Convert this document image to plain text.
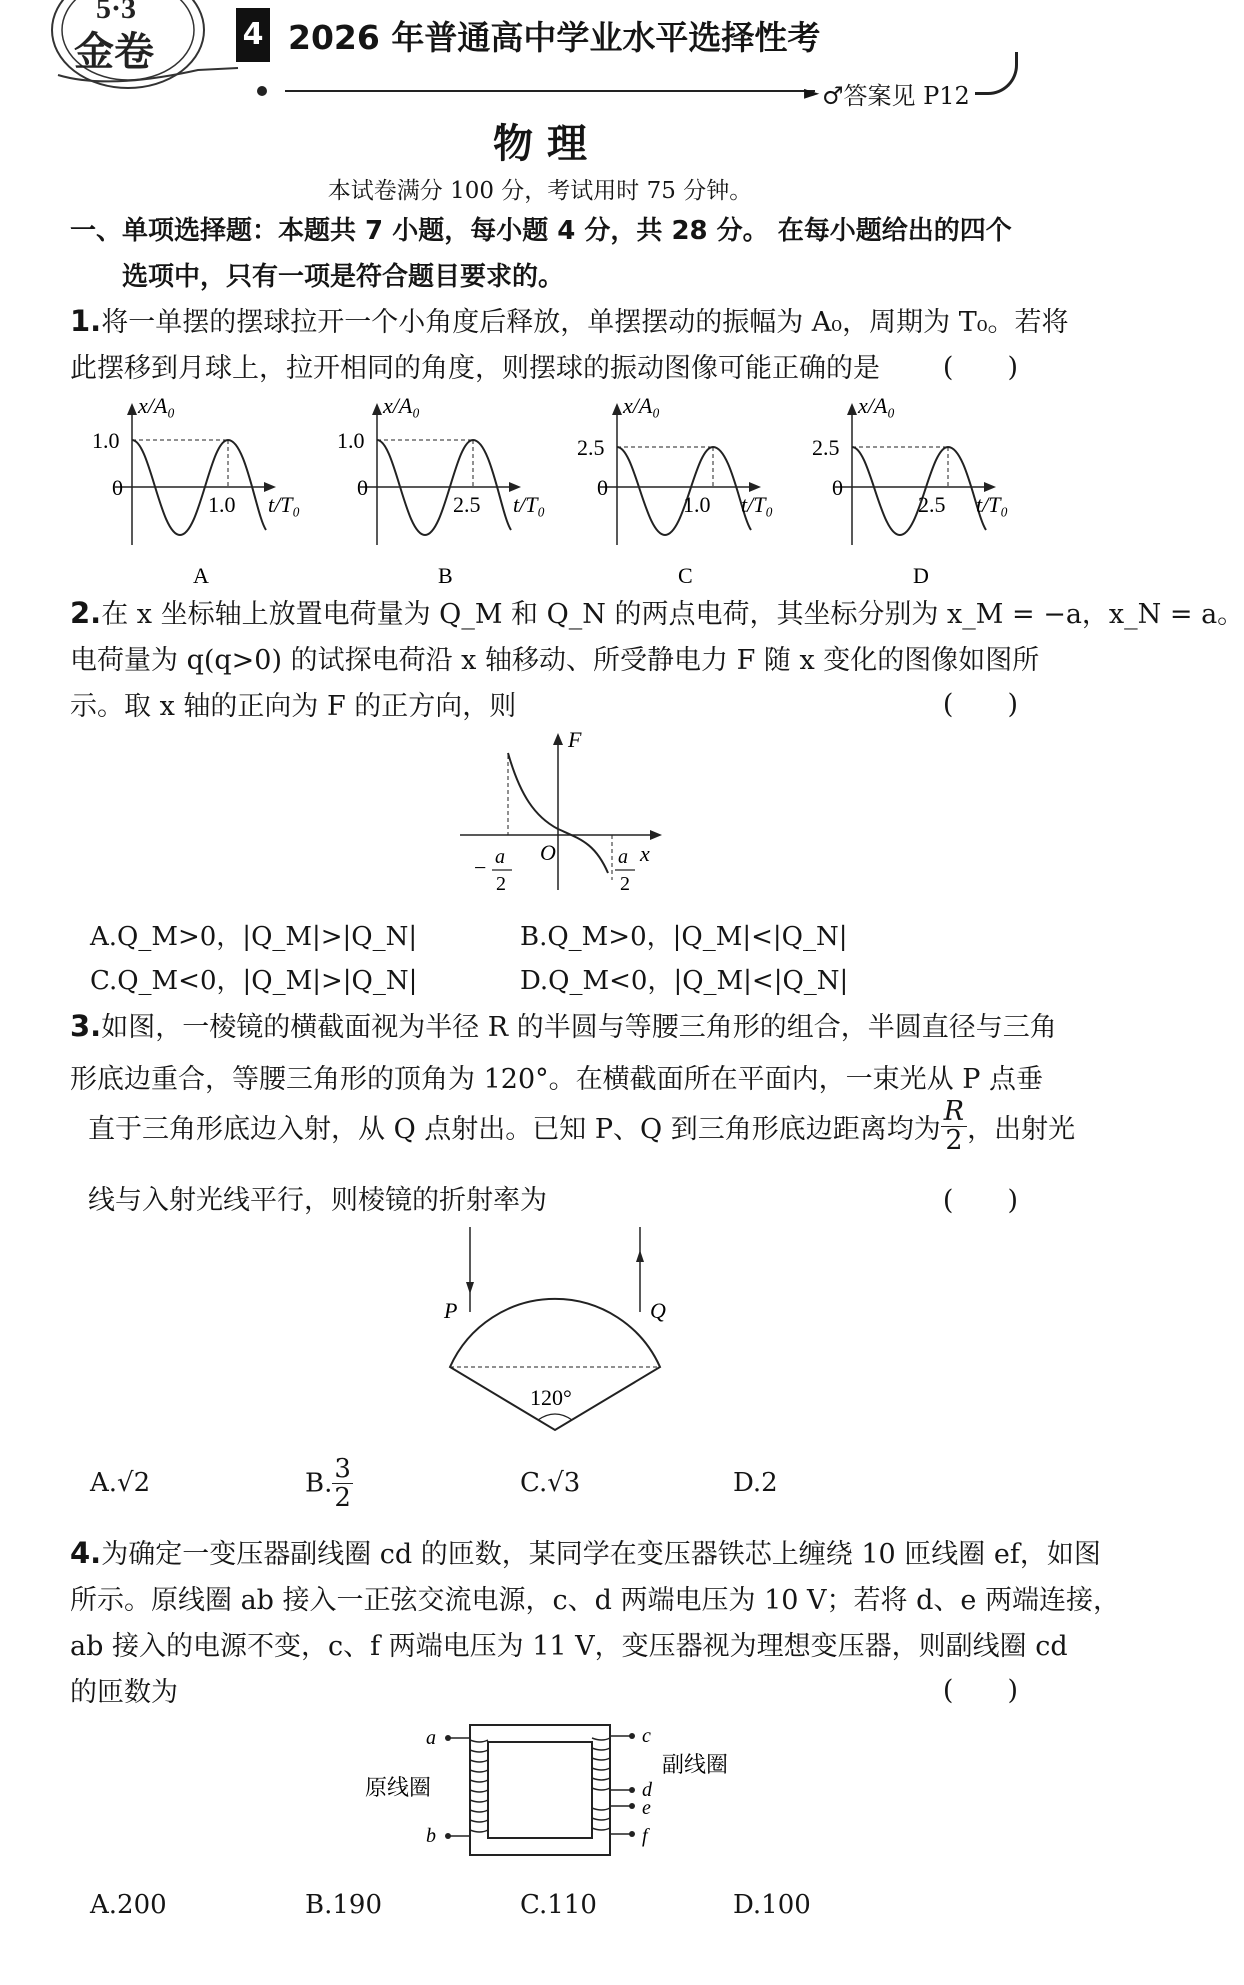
5·3
金卷	4 2026 年普通高中学业水平选择性考
► ♂答案见 P12
物 理
本试卷满分 100 分，考试用时 75 分钟。
一、单项选择题：本题共 7 小题，每小题 4 分，共 28 分。 在每小题给出的四个
选项中，只有一项是符合题目要求的。
1.将一单摆的摆球拉开一个小角度后释放，单摆摆动的振幅为 A₀，周期为 T₀。若将
此摆移到月球上，拉开相同的角度，则摆球的振动图像可能正确的是	(　　)
x/A₀
1.0
0
1.0 t/T₀
A
x/A₀
1.0
0
2.5 t/T₀
B
x/A₀
2.5
0
1.0 t/T₀
C
x/A₀
2.5
0
2.5 t/T₀
D
2.在 x 坐标轴上放置电荷量为 Q_M 和 Q_N 的两点电荷，其坐标分别为 x_M = −a，x_N = a。
电荷量为 q(q>0) 的试探电荷沿 x 轴移动、所受静电力 F 随 x 变化的图像如图所
示。取 x 轴的正向为 F 的正方向，则	(　　)
F
O	x
− a
2
a
2
A.Q_M>0，|Q_M|>|Q_N|	B.Q_M>0，|Q_M|<|Q_N|
C.Q_M<0，|Q_M|>|Q_N|	D.Q_M<0，|Q_M|<|Q_N|
3.如图，一棱镜的横截面视为半径 R 的半圆与等腰三角形的组合，半圆直径与三角
形底边重合，等腰三角形的顶角为 120°。在横截面所在平面内，一束光从 P 点垂
直于三角形底边入射，从 Q 点射出。已知 P、Q 到三角形底边距离均为 $\frac{R}{2}$ ，出射光
线与入射光线平行，则棱镜的折射率为	(　　)
P	Q
120°
A.√2	B. $\frac{3}{2}$	C.√3	D.2
4.为确定一变压器副线圈 cd 的匝数，某同学在变压器铁芯上缠绕 10 匝线圈 ef，如图
所示。原线圈 ab 接入一正弦交流电源，c、d 两端电压为 10 V；若将 d、e 两端连接，
ab 接入的电源不变，c、f 两端电压为 11 V，变压器视为理想变压器，则副线圈 cd
的匝数为	(　　)
a
b
原线圈
c
d
e
f
副线圈
A.200	B.190	C.110	D.100
